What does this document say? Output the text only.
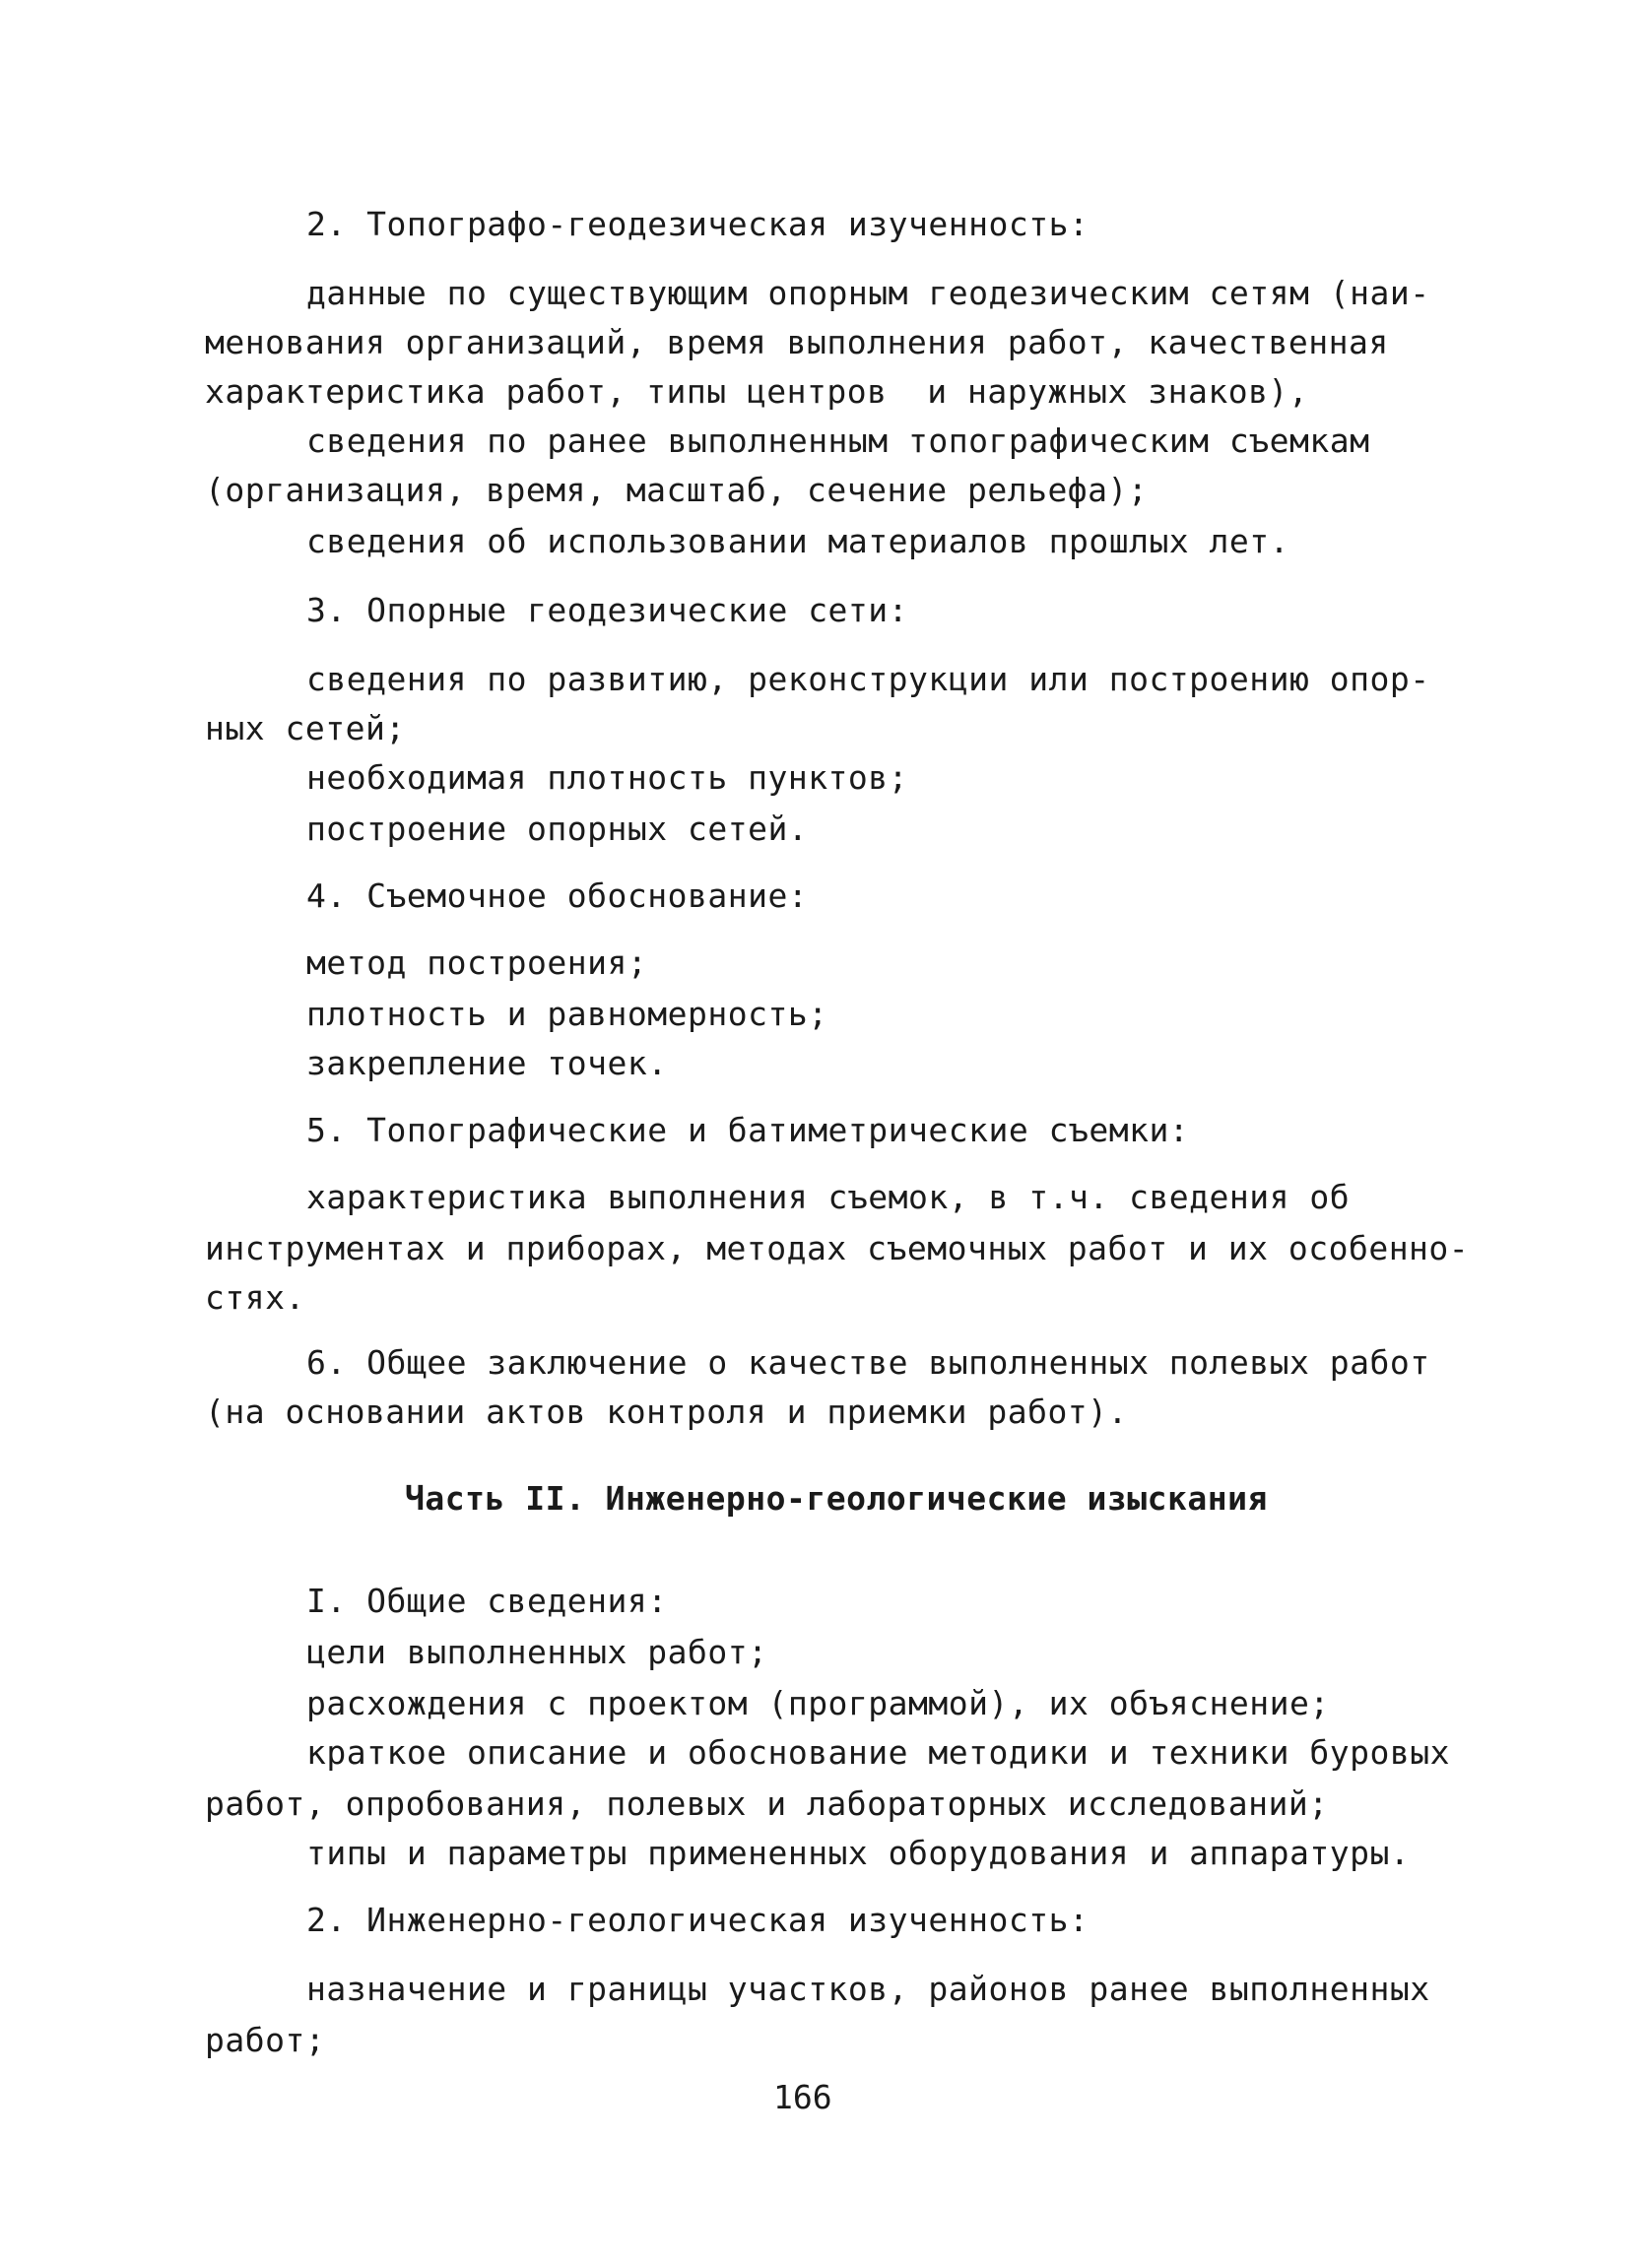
2. Топографо-геодезическая изученность:
данные по существующим опорным геодезическим сетям (наи-
менования организаций, время выполнения работ, качественная
характеристика работ, типы центров  и наружных знаков),
сведения по ранее выполненным топографическим съемкам
(организация, время, масштаб, сечение рельефа);
сведения об использовании материалов прошлых лет.
3. Опорные геодезические сети:
сведения по развитию, реконструкции или построению опор-
ных сетей;
необходимая плотность пунктов;
построение опорных сетей.
4. Съемочное обоснование:
метод построения;
плотность и равномерность;
закрепление точек.
5. Топографические и батиметрические съемки:
характеристика выполнения съемок, в т.ч. сведения об
инструментах и приборах, методах съемочных работ и их особенно-
стях.
6. Общее заключение о качестве выполненных полевых работ
(на основании актов контроля и приемки работ).
Часть II. Инженерно-геологические изыскания
I. Общие сведения:
цели выполненных работ;
расхождения с проектом (программой), их объяснение;
краткое описание и обоснование методики и техники буровых
работ, опробования, полевых и лабораторных исследований;
типы и параметры примененных оборудования и аппаратуры.
2. Инженерно-геологическая изученность:
назначение и границы участков, районов ранее выполненных
работ;
166
